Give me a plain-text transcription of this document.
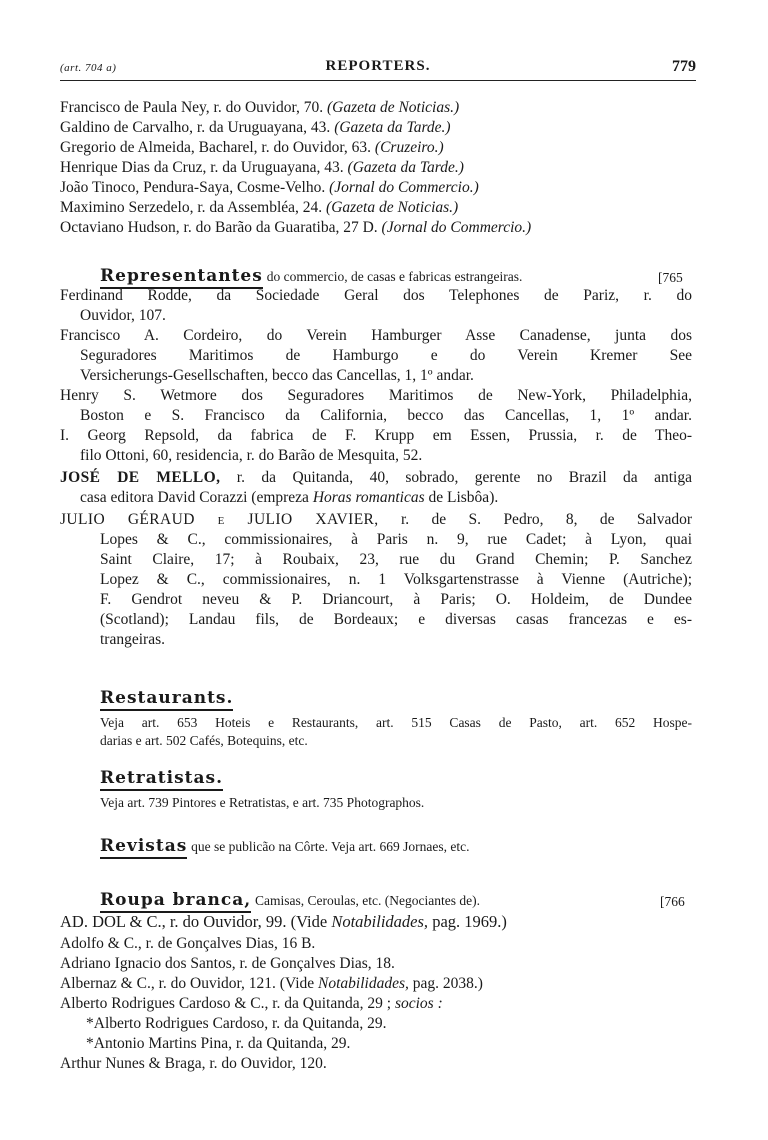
(art. 704 a)	REPORTERS.	779
Francisco de Paula Ney, r. do Ouvidor, 70. (Gazeta de Noticias.)
Galdino de Carvalho, r. da Uruguayana, 43. (Gazeta da Tarde.)
Gregorio de Almeida, Bacharel, r. do Ouvidor, 63. (Cruzeiro.)
Henrique Dias da Cruz, r. da Uruguayana, 43. (Gazeta da Tarde.)
João Tinoco, Pendura-Saya, Cosme-Velho. (Jornal do Commercio.)
Maximino Serzedelo, r. da Assembléa, 24. (Gazeta de Noticias.)
Octaviano Hudson, r. do Barão da Guaratiba, 27 D. (Jornal do Commercio.)
Representantes do commercio, de casas e fabricas estrangeiras.	[765
Ferdinand Rodde, da Sociedade Geral dos Telephones de Pariz, r. do
Ouvidor, 107.
Francisco A. Cordeiro, do Verein Hamburger Asse Canadense, junta dos
Seguradores Maritimos de Hamburgo e do Verein Kremer See
Versicherungs-Gesellschaften, becco das Cancellas, 1, 1º andar.
Henry S. Wetmore dos Seguradores Maritimos de New-York, Philadelphia,
Boston e S. Francisco da California, becco das Cancellas, 1, 1º andar.
I. Georg Repsold, da fabrica de F. Krupp em Essen, Prussia, r. de Theo-
filo Ottoni, 60, residencia, r. do Barão de Mesquita, 52.
JOSÉ DE MELLO, r. da Quitanda, 40, sobrado, gerente no Brazil da antiga
casa editora David Corazzi (empreza Horas romanticas de Lisbôa).
JULIO GÉRAUD e JULIO XAVIER, r. de S. Pedro, 8, de Salvador
Lopes & C., commissionaires, à Paris n. 9, rue Cadet; à Lyon, quai
Saint Claire, 17; à Roubaix, 23, rue du Grand Chemin; P. Sanchez
Lopez & C., commissionaires, n. 1 Volksgartenstrasse à Vienne (Autriche);
F. Gendrot neveu & P. Driancourt, à Paris; O. Holdeim, de Dundee
(Scotland); Landau fils, de Bordeaux; e diversas casas francezas e es-
trangeiras.
Restaurants.
Veja art. 653 Hoteis e Restaurants, art. 515 Casas de Pasto, art. 652 Hospe-
darias e art. 502 Cafés, Botequins, etc.
Retratistas.
Veja art. 739 Pintores e Retratistas, e art. 735 Photographos.
Revistas que se publicão na Côrte. Veja art. 669 Jornaes, etc.
Roupa branca, Camisas, Ceroulas, etc. (Negociantes de).	[766
AD. DOL & C., r. do Ouvidor, 99. (Vide Notabilidades, pag. 1969.)
Adolfo & C., r. de Gonçalves Dias, 16 B.
Adriano Ignacio dos Santos, r. de Gonçalves Dias, 18.
Albernaz & C., r. do Ouvidor, 121. (Vide Notabilidades, pag. 2038.)
Alberto Rodrigues Cardoso & C., r. da Quitanda, 29 ; socios :
*Alberto Rodrigues Cardoso, r. da Quitanda, 29.
*Antonio Martins Pina, r. da Quitanda, 29.
Arthur Nunes & Braga, r. do Ouvidor, 120.
